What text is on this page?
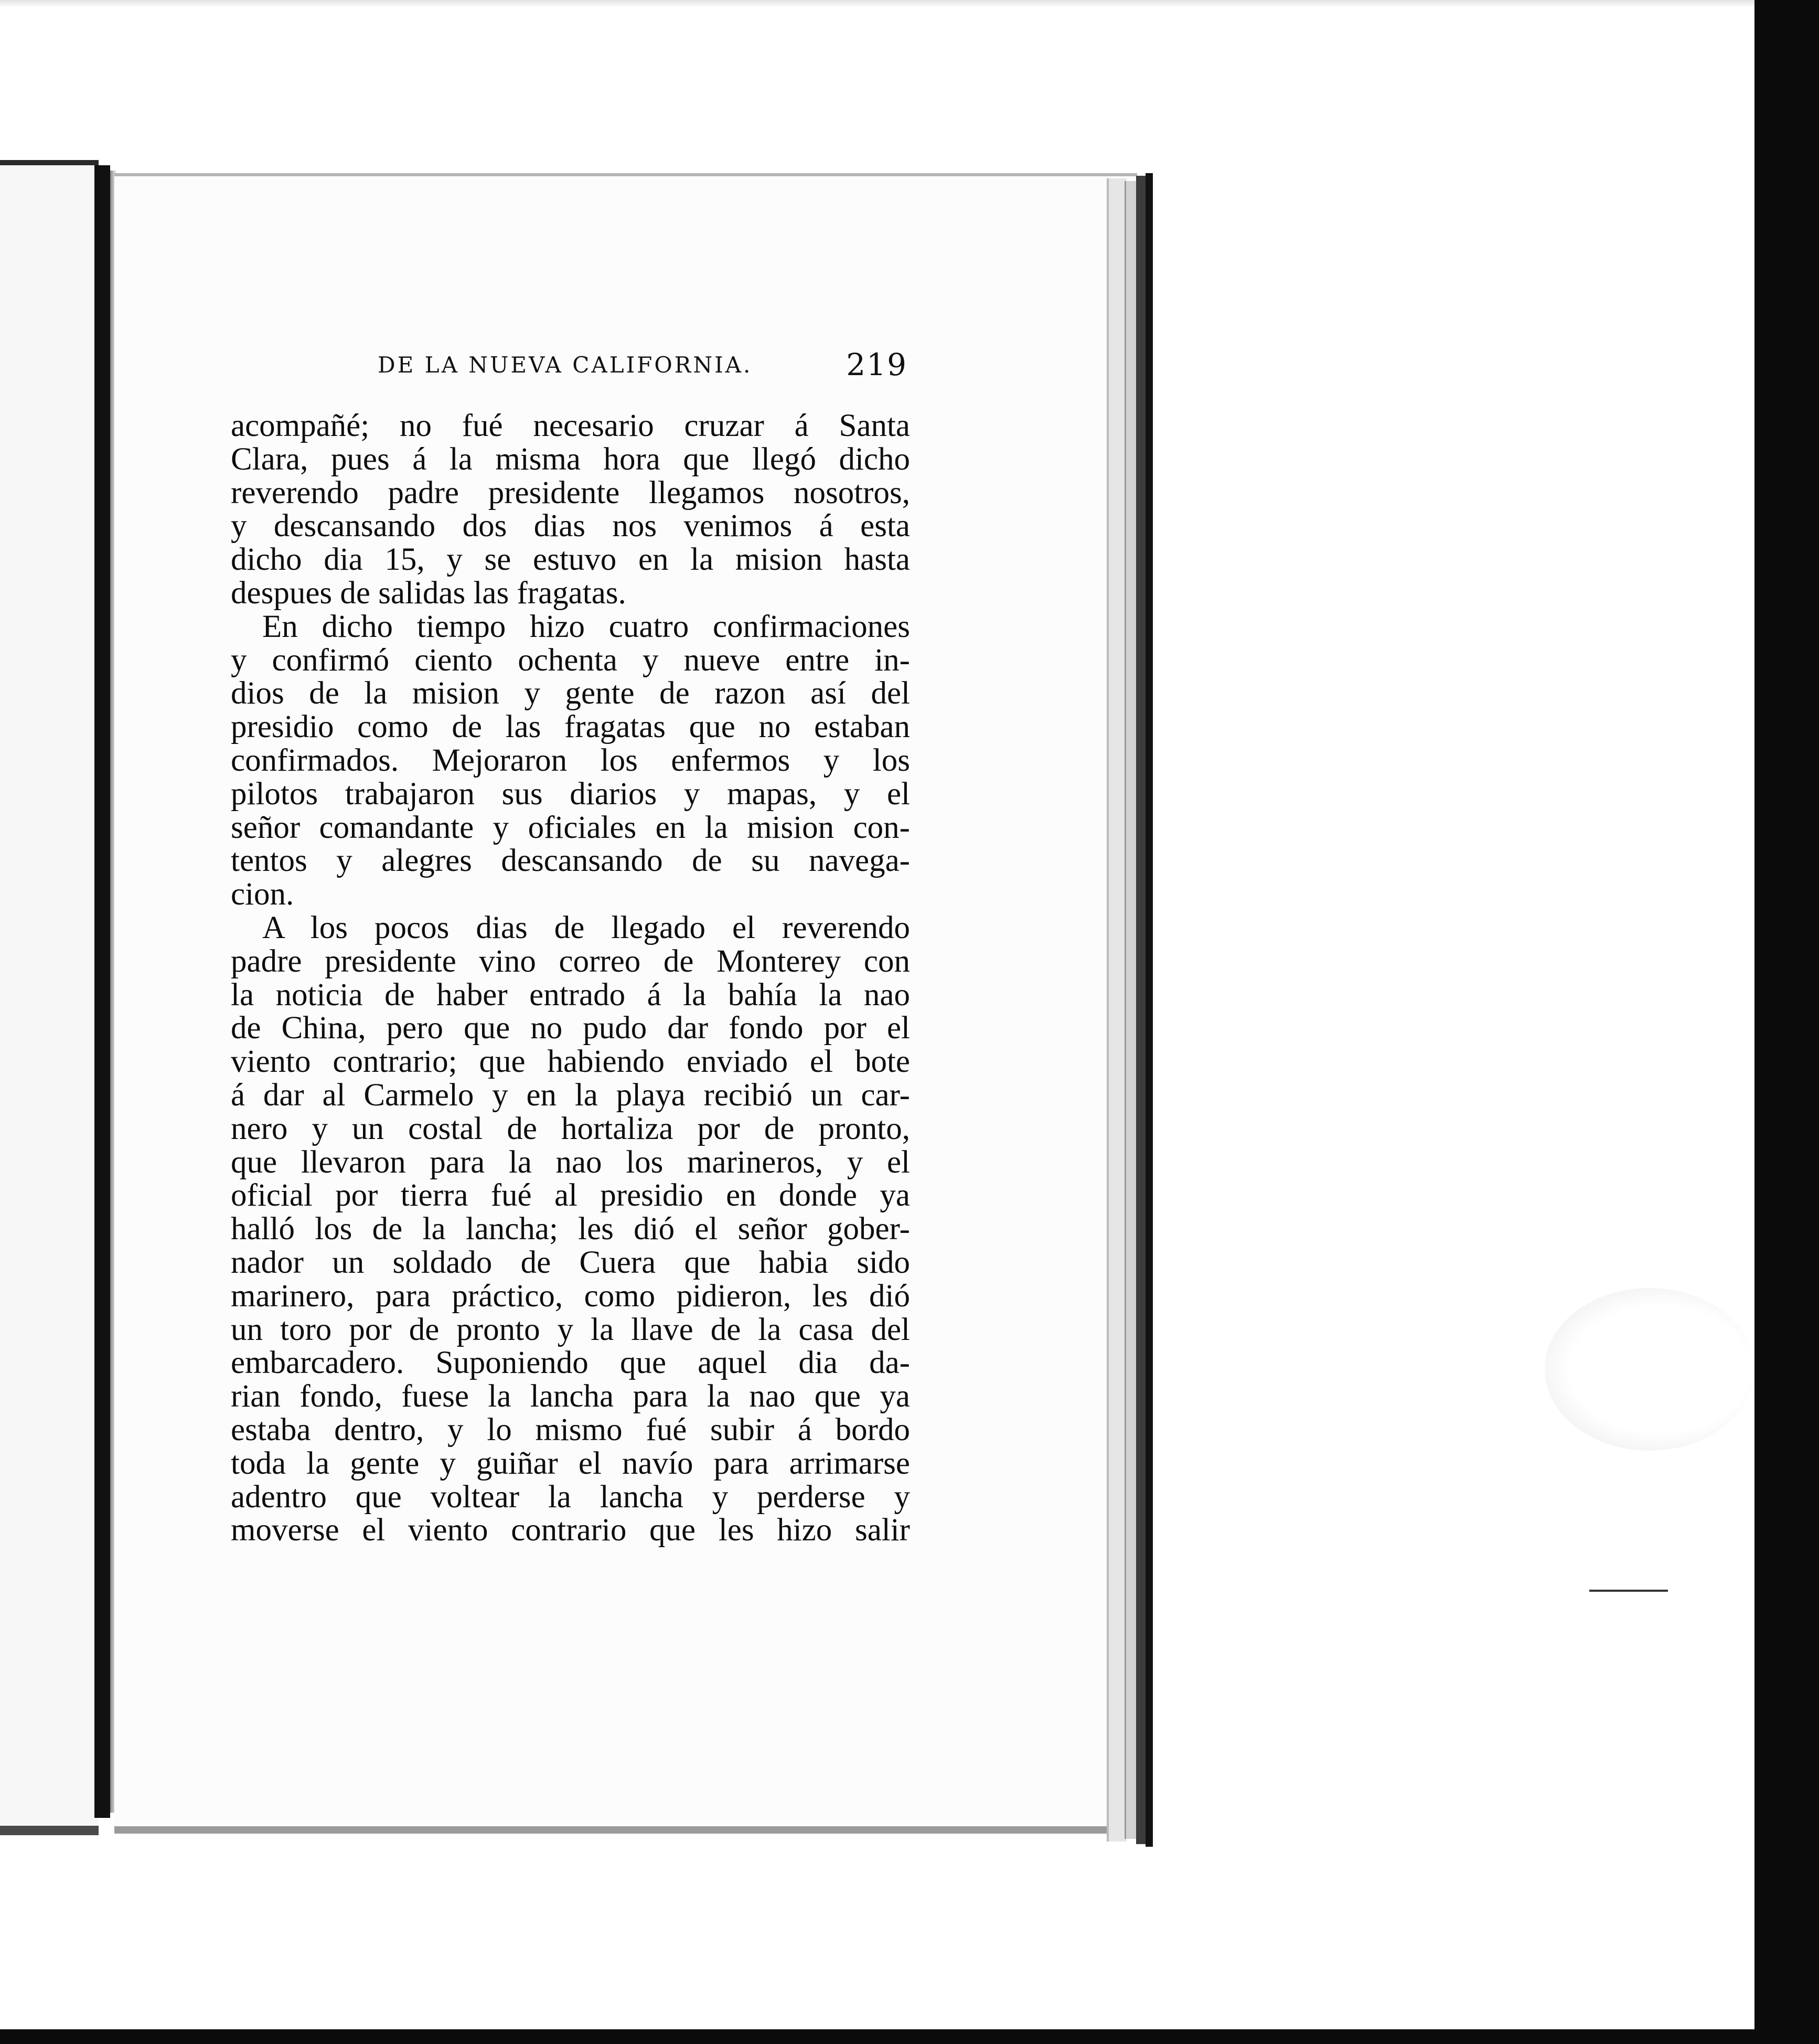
DE LA NUEVA CALIFORNIA.	219
acompañé; no fué necesario cruzar á Santa
Clara, pues á la misma hora que llegó dicho
reverendo padre presidente llegamos nosotros,
y descansando dos dias nos venimos á esta
dicho dia 15, y se estuvo en la mision hasta
despues de salidas las fragatas.
En dicho tiempo hizo cuatro confirmaciones
y confirmó ciento ochenta y nueve entre in-
dios de la mision y gente de razon así del
presidio como de las fragatas que no estaban
confirmados. Mejoraron los enfermos y los
pilotos trabajaron sus diarios y mapas, y el
señor comandante y oficiales en la mision con-
tentos y alegres descansando de su navega-
cion.
A los pocos dias de llegado el reverendo
padre presidente vino correo de Monterey con
la noticia de haber entrado á la bahía la nao
de China, pero que no pudo dar fondo por el
viento contrario; que habiendo enviado el bote
á dar al Carmelo y en la playa recibió un car-
nero y un costal de hortaliza por de pronto,
que llevaron para la nao los marineros, y el
oficial por tierra fué al presidio en donde ya
halló los de la lancha; les dió el señor gober-
nador un soldado de Cuera que habia sido
marinero, para práctico, como pidieron, les dió
un toro por de pronto y la llave de la casa del
embarcadero. Suponiendo que aquel dia da-
rian fondo, fuese la lancha para la nao que ya
estaba dentro, y lo mismo fué subir á bordo
toda la gente y guiñar el navío para arrimarse
adentro que voltear la lancha y perderse y
moverse el viento contrario que les hizo salir
